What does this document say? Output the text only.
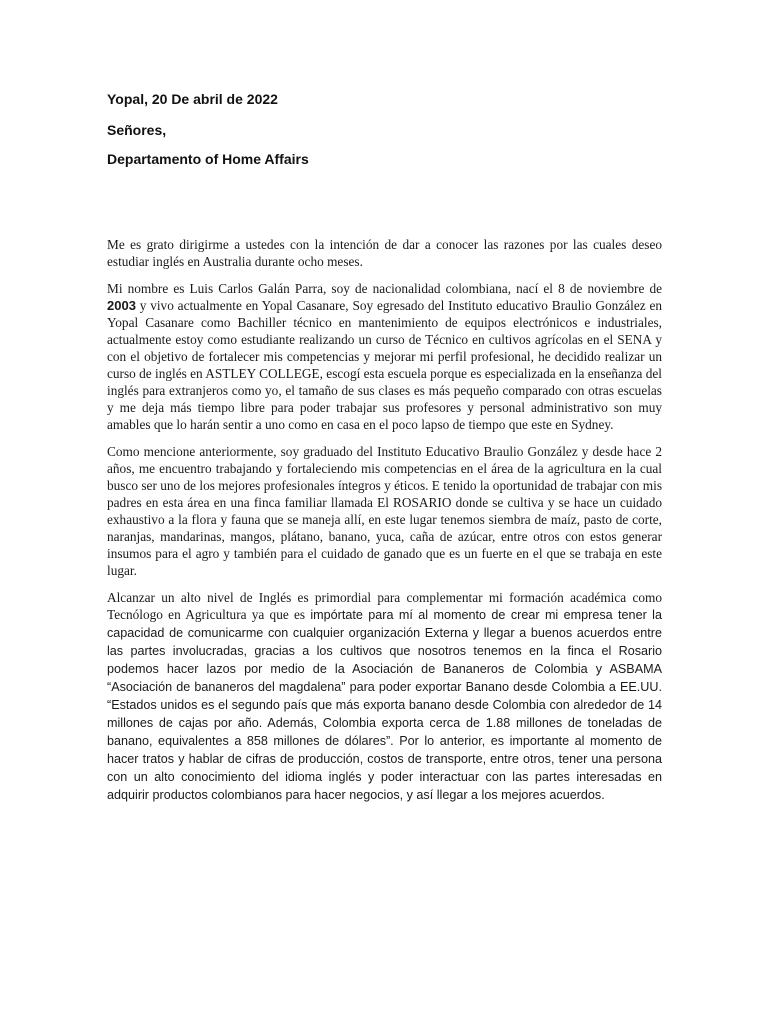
Yopal, 20 De abril de 2022
Señores,
Departamento of Home Affairs

Me es grato dirigirme a ustedes con la intención de dar a conocer las razones por las cuales deseo estudiar inglés en Australia durante ocho meses.

Mi nombre es Luis Carlos Galán Parra, soy de nacionalidad colombiana, nací el 8 de noviembre de 2003 y vivo actualmente en Yopal Casanare, Soy egresado del Instituto educativo Braulio González en Yopal Casanare como Bachiller técnico en mantenimiento de equipos electrónicos e industriales, actualmente estoy como estudiante realizando un curso de Técnico en cultivos agrícolas en el SENA y con el objetivo de fortalecer mis competencias y mejorar mi perfil profesional, he decidido realizar un curso de inglés en ASTLEY COLLEGE, escogí esta escuela porque es especializada en la enseñanza del inglés para extranjeros como yo, el tamaño de sus clases es más pequeño comparado con otras escuelas y me deja más tiempo libre para poder trabajar sus profesores y personal administrativo son muy amables que lo harán sentir a uno como en casa en el poco lapso de tiempo que este en Sydney.

Como mencione anteriormente, soy graduado del Instituto Educativo Braulio González y desde hace 2 años, me encuentro trabajando y fortaleciendo mis competencias en el área de la agricultura en la cual busco ser uno de los mejores profesionales íntegros y éticos. E tenido la oportunidad de trabajar con mis padres en esta área en una finca familiar llamada El ROSARIO donde se cultiva y se hace un cuidado exhaustivo a la flora y fauna que se maneja allí, en este lugar tenemos siembra de maíz, pasto de corte, naranjas, mandarinas, mangos, plátano, banano, yuca, caña de azúcar, entre otros con estos generar insumos para el agro y también para el cuidado de ganado que es un fuerte en el que se trabaja en este lugar.

Alcanzar un alto nivel de Inglés es primordial para complementar mi formación académica como Tecnólogo en Agricultura ya que es impórtate para mí al momento de crear mi empresa tener la capacidad de comunicarme con cualquier organización Externa y llegar a buenos acuerdos entre las partes involucradas, gracias a los cultivos que nosotros tenemos en la finca el Rosario podemos hacer lazos por medio de la Asociación de Bananeros de Colombia y ASBAMA “Asociación de bananeros del magdalena” para poder exportar Banano desde Colombia a EE.UU. “Estados unidos es el segundo país que más exporta banano desde Colombia con alrededor de 14 millones de cajas por año. Además, Colombia exporta cerca de 1.88 millones de toneladas de banano, equivalentes a 858 millones de dólares”. Por lo anterior, es importante al momento de hacer tratos y hablar de cifras de producción, costos de transporte, entre otros, tener una persona con un alto conocimiento del idioma inglés y poder interactuar con las partes interesadas en adquirir productos colombianos para hacer negocios, y así llegar a los mejores acuerdos.
